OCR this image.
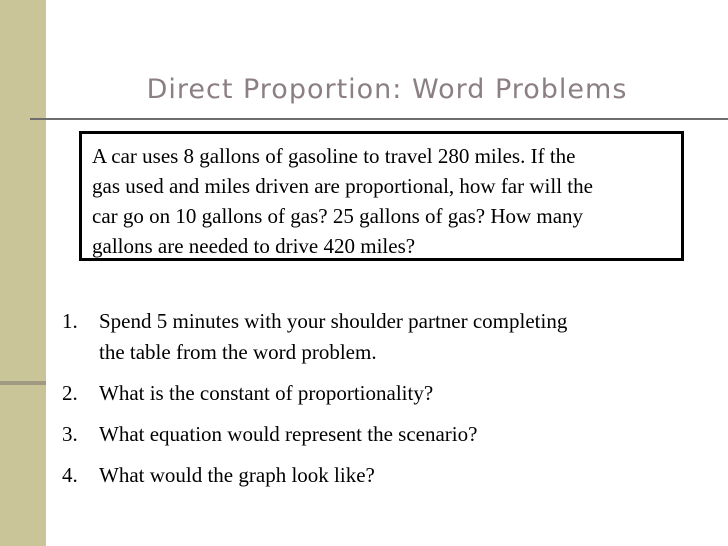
Direct Proportion: Word Problems
A car uses 8 gallons of gasoline to travel 280 miles. If the
gas used and miles driven are proportional, how far will the
car go on 10 gallons of gas? 25 gallons of gas? How many
gallons are needed to drive 420 miles?
1.	Spend 5 minutes with your shoulder partner completing
the table from the word problem.
2.	What is the constant of proportionality?
3.	What equation would represent the scenario?
4.	What would the graph look like?
